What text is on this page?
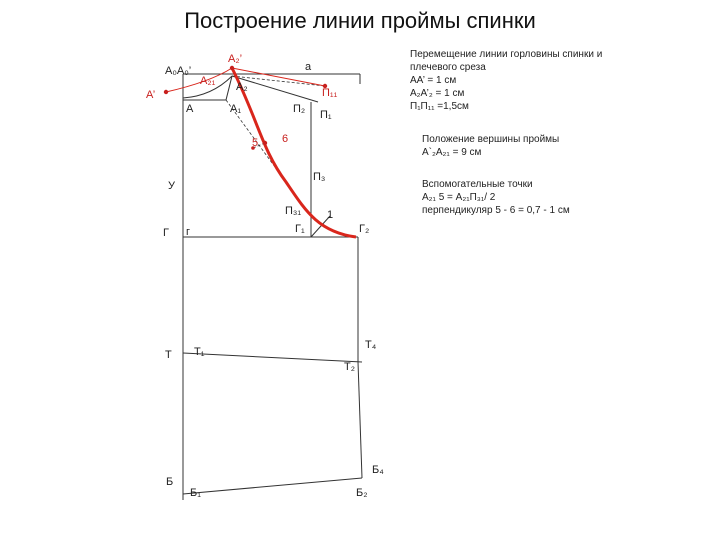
Построение линии проймы спинки
Перемещение линии горловины спинки и
плечевого среза
АА’ = 1 см
А₂А’₂ = 1 см
П₁П₁₁ =1,5см
Положение вершины проймы
А`₂А₂₁ = 9 см
Вспомогательные точки
А₂₁ 5 = А₂₁П₃₁/ 2
перпендикуляр 5 - 6 = 0,7 - 1 см
А₀А₀’	а
А₂’
А₂₁ А₂
А’	П₁₁
А	А₁	П₂ П₁
5 6
У
П₃
П₃₁ 1
Г г	Г₁	Г₂
Т Т₁
Т₄
Т₂
Б
Б₁	Б₂
Б₄
